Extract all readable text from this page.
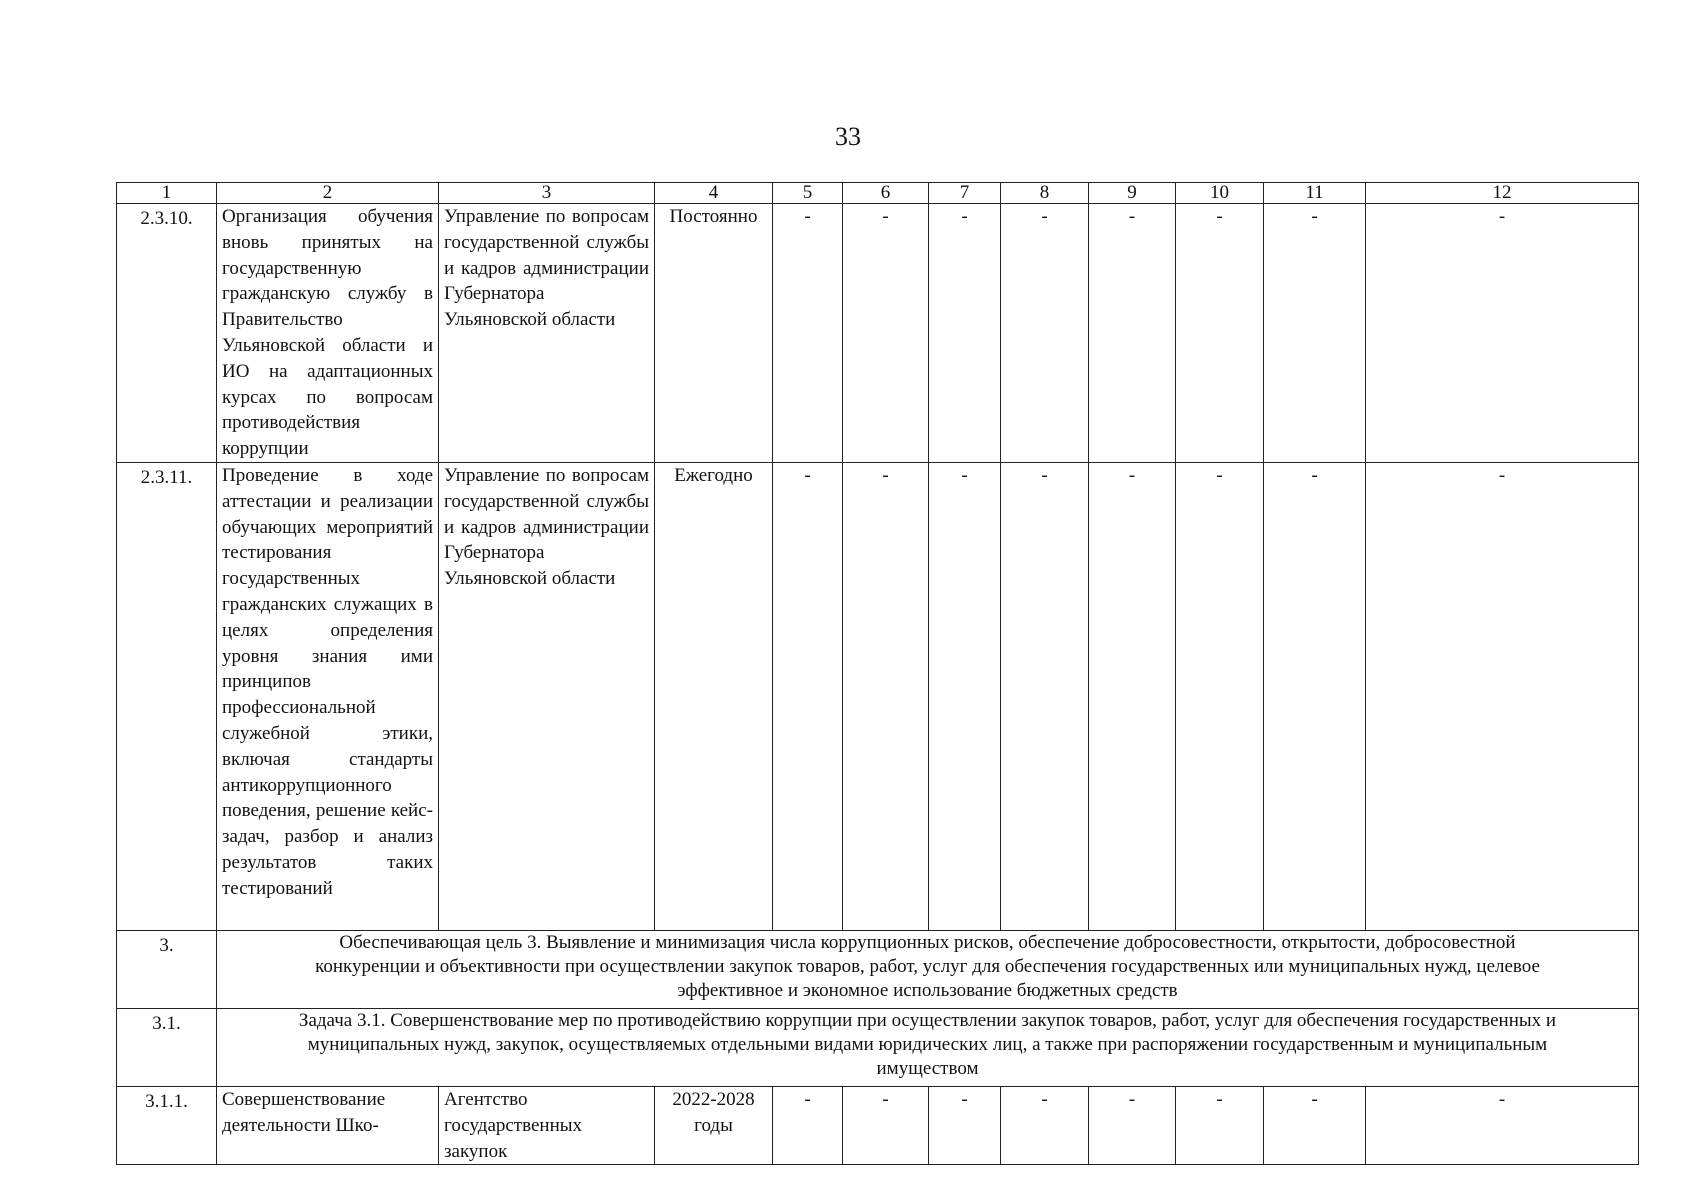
33
1	2	3	4	5	6	7	8	9	10	11	12
2.3.10.	Организация обучения вновь принятых на государственную гражданскую службу в Правительство Ульяновской области и ИО на адаптационных курсах по вопросам противодействия коррупции	Управление по вопросам государственной службы и кадров администрации Губернатора Ульяновской области	Постоянно	-	-	-	-	-	-	-	-
2.3.11.	Проведение в ходе аттестации и реализации обучающих мероприятий тестирования государственных гражданских служащих в целях определения уровня знания ими принципов профессиональной служебной этики, включая стандарты антикоррупционного поведения, решение кейс-задач, разбор и анализ результатов таких тестирований	Управление по вопросам государственной службы и кадров администрации Губернатора Ульяновской области	Ежегодно	-	-	-	-	-	-	-	-
3.	Обеспечивающая цель 3. Выявление и минимизация числа коррупционных рисков, обеспечение добросовестности, открытости, добросовестной конкуренции и объективности при осуществлении закупок товаров, работ, услуг для обеспечения государственных или муниципальных нужд, целевое эффективное и экономное использование бюджетных средств										
3.1.	Задача 3.1. Совершенствование мер по противодействию коррупции при осуществлении закупок товаров, работ, услуг для обеспечения государственных и муниципальных нужд, закупок, осуществляемых отдельными видами юридических лиц, а также при распоряжении государственным и муниципальным имуществом										
3.1.1.	Совершенствование деятельности Шко-	Агентство государственных закупок	2022-2028 годы	-	-	-	-	-	-	-	-
